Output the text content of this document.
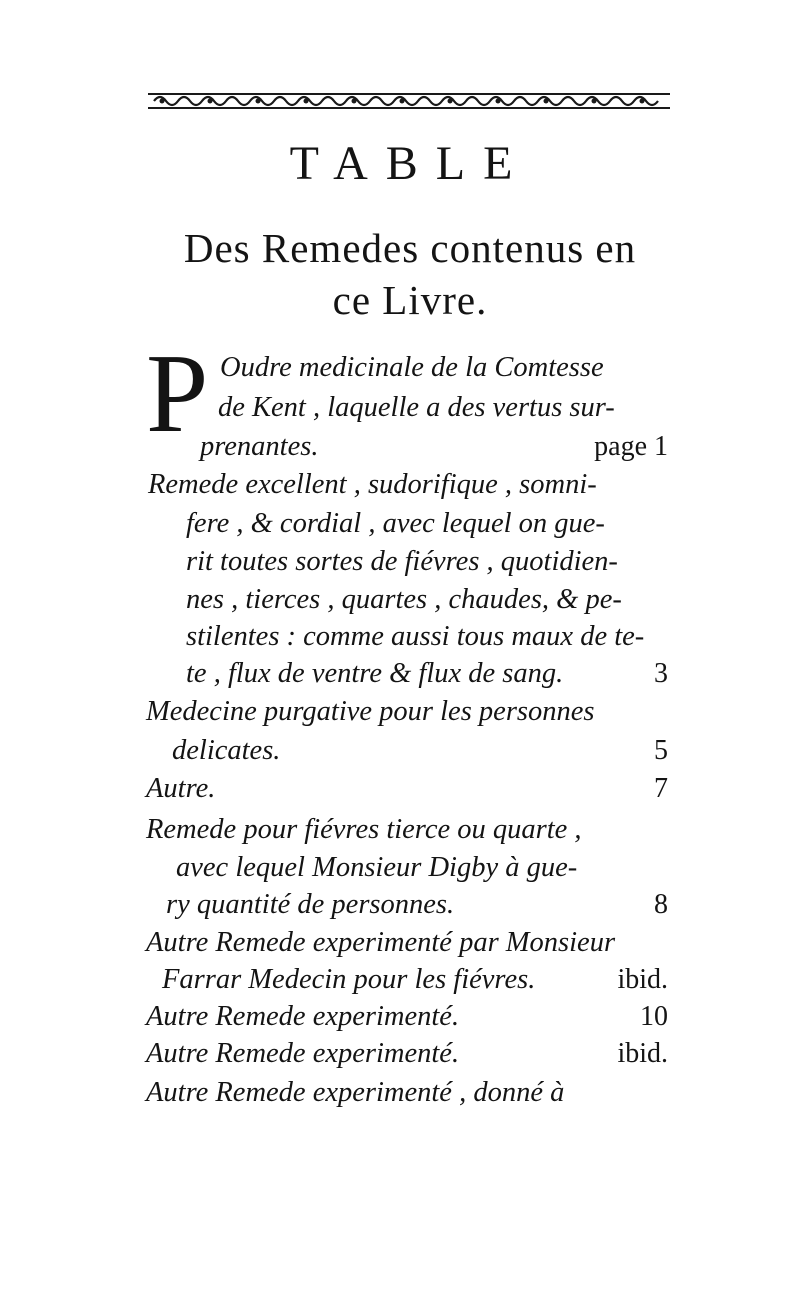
TABLE
Des Remedes contenus en
ce Livre.
P Oudre medicinale de la Comtesse
de Kent , laquelle a des vertus sur-
prenantes.	page 1
Remede excellent , sudorifique , somni-
fere , & cordial , avec lequel on gue-
rit toutes sortes de fiévres , quotidien-
nes , tierces , quartes , chaudes, & pe-
stilentes : comme aussi tous maux de te-
te , flux de ventre & flux de sang.	3
Medecine purgative pour les personnes
delicates.	5
Autre.	7
Remede pour fiévres tierce ou quarte ,
avec lequel Monsieur Digby à gue-
ry quantité de personnes.	8
Autre Remede experimenté par Monsieur
Farrar Medecin pour les fiévres.	ibid.
Autre Remede experimenté.	10
Autre Remede experimenté.	ibid.
Autre Remede experimenté , donné à
